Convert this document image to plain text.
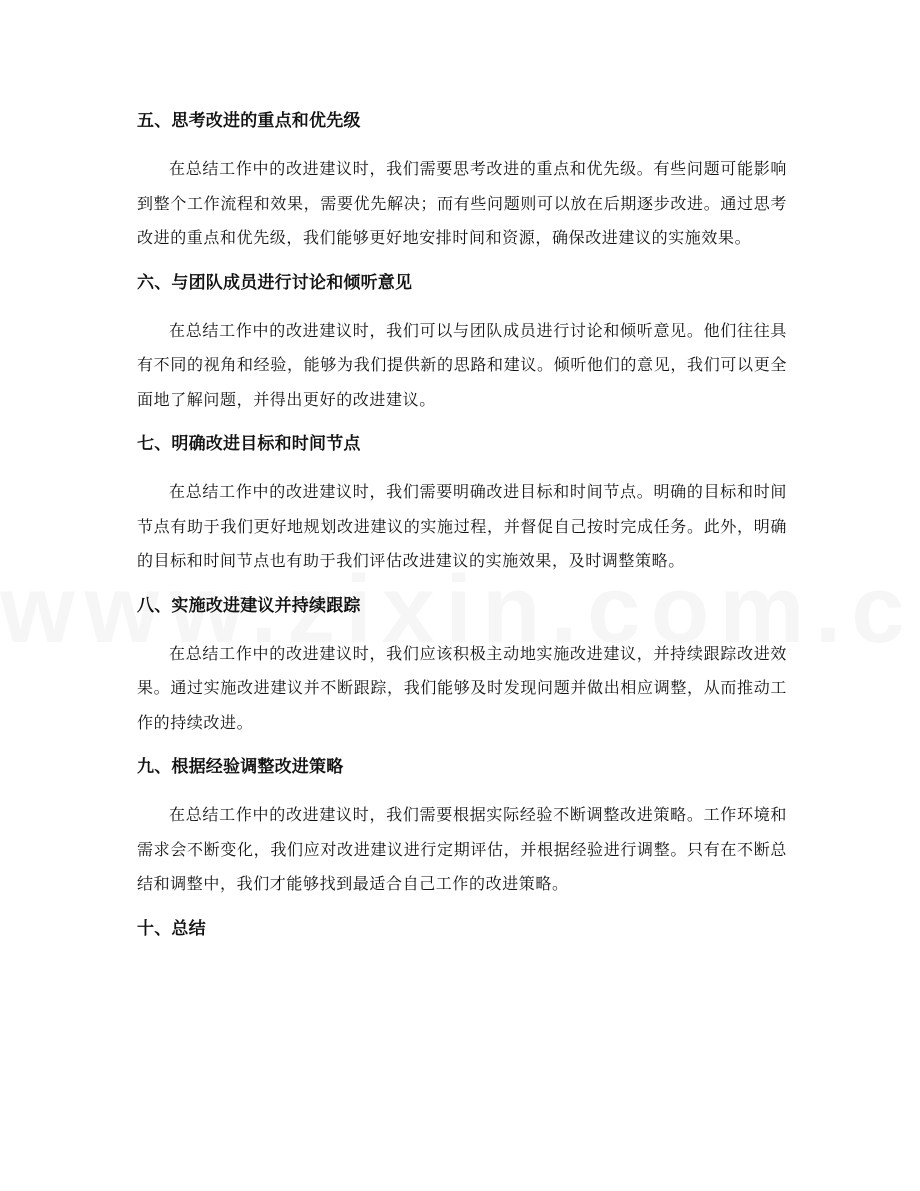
五、思考改进的重点和优先级

在总结工作中的改进建议时，我们需要思考改进的重点和优先级。有些问题可能影响到整个工作流程和效果，需要优先解决；而有些问题则可以放在后期逐步改进。通过思考改进的重点和优先级，我们能够更好地安排时间和资源，确保改进建议的实施效果。

六、与团队成员进行讨论和倾听意见

在总结工作中的改进建议时，我们可以与团队成员进行讨论和倾听意见。他们往往具有不同的视角和经验，能够为我们提供新的思路和建议。倾听他们的意见，我们可以更全面地了解问题，并得出更好的改进建议。

七、明确改进目标和时间节点

在总结工作中的改进建议时，我们需要明确改进目标和时间节点。明确的目标和时间节点有助于我们更好地规划改进建议的实施过程，并督促自己按时完成任务。此外，明确的目标和时间节点也有助于我们评估改进建议的实施效果，及时调整策略。

八、实施改进建议并持续跟踪

在总结工作中的改进建议时，我们应该积极主动地实施改进建议，并持续跟踪改进效果。通过实施改进建议并不断跟踪，我们能够及时发现问题并做出相应调整，从而推动工作的持续改进。

九、根据经验调整改进策略

在总结工作中的改进建议时，我们需要根据实际经验不断调整改进策略。工作环境和需求会不断变化，我们应对改进建议进行定期评估，并根据经验进行调整。只有在不断总结和调整中，我们才能够找到最适合自己工作的改进策略。

十、总结
